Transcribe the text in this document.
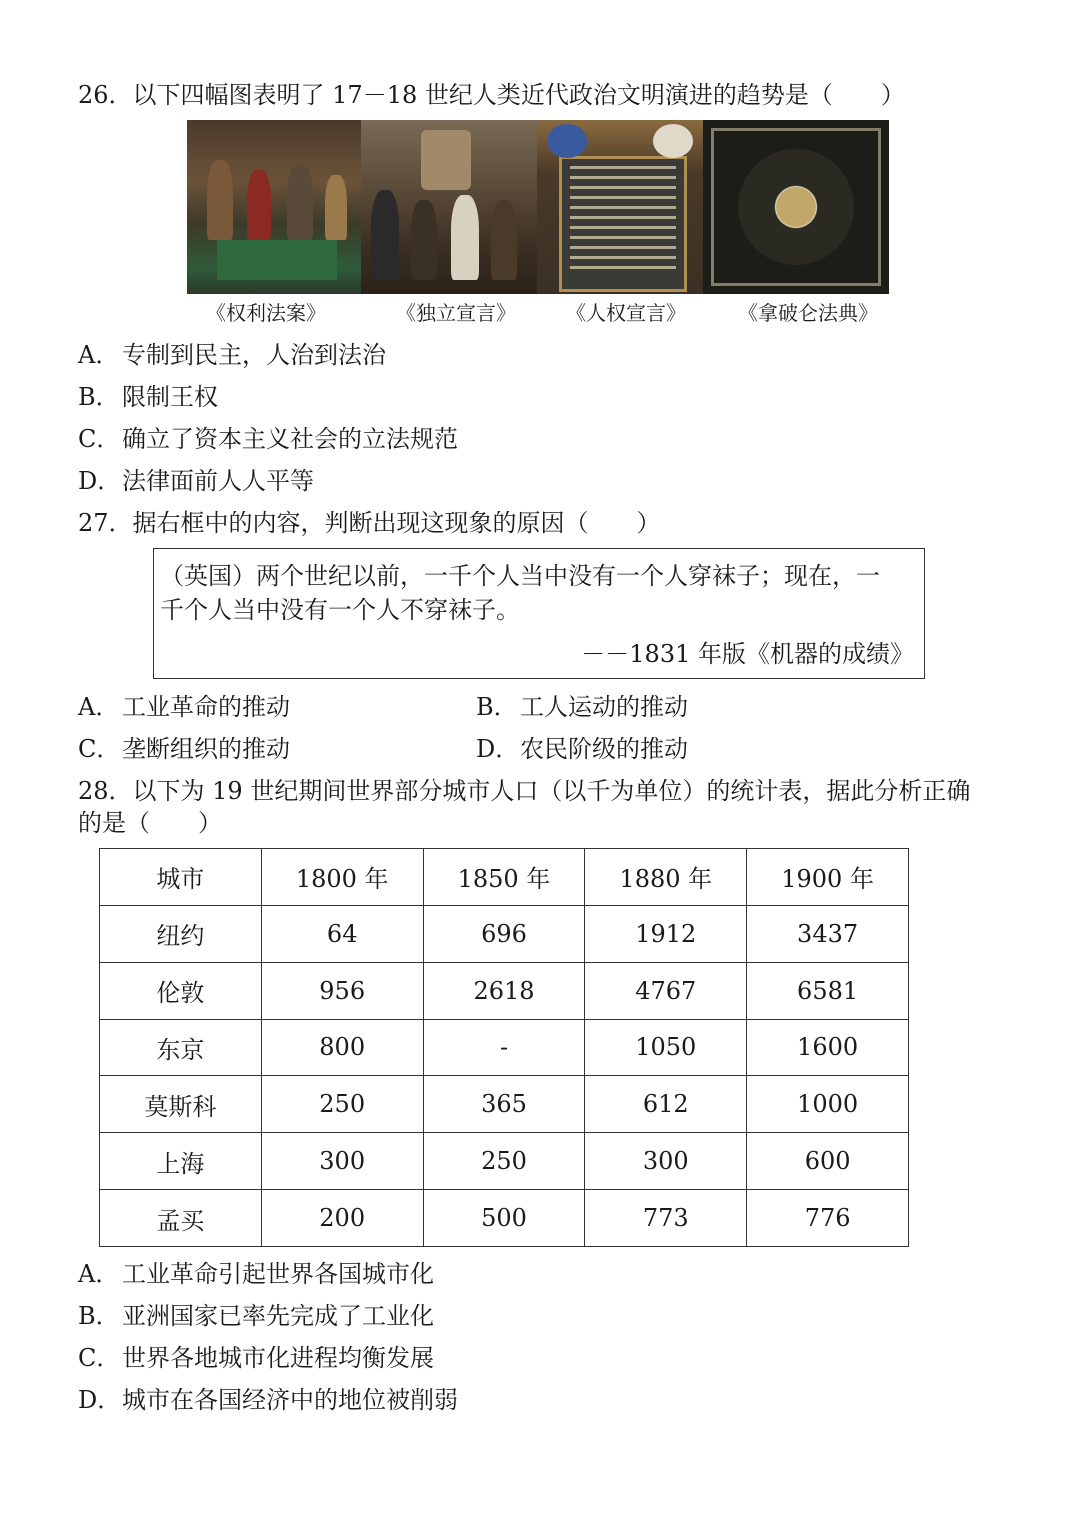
26．以下四幅图表明了 17－18 世纪人类近代政治文明演进的趋势是（　　）
《权利法案》	《独立宣言》	《人权宣言》	《拿破仑法典》
A． 专制到民主，人治到法治
B．限制王权
C．确立了资本主义社会的立法规范
D．法律面前人人平等
27．据右框中的内容，判断出现这现象的原因（　　）
（英国）两个世纪以前，一千个人当中没有一个人穿袜子；现在，一
千个人当中没有一个人不穿袜子。
－－1831 年版《机器的成绩》
A． 工业革命的推动	B．工人运动的推动
C．垄断组织的推动	D．农民阶级的推动
28．以下为 19 世纪期间世界部分城市人口（以千为单位）的统计表，据此分析正确
的是（　　）
城市	1800 年	1850 年	1880 年	1900 年
纽约	64	696	1912	3437
伦敦	956	2618	4767	6581
东京	800	-	1050	1600
莫斯科	250	365	612	1000
上海	300	250	300	600
孟买	200	500	773	776
A． 工业革命引起世界各国城市化
B．亚洲国家已率先完成了工业化
C．世界各地城市化进程均衡发展
D．城市在各国经济中的地位被削弱
